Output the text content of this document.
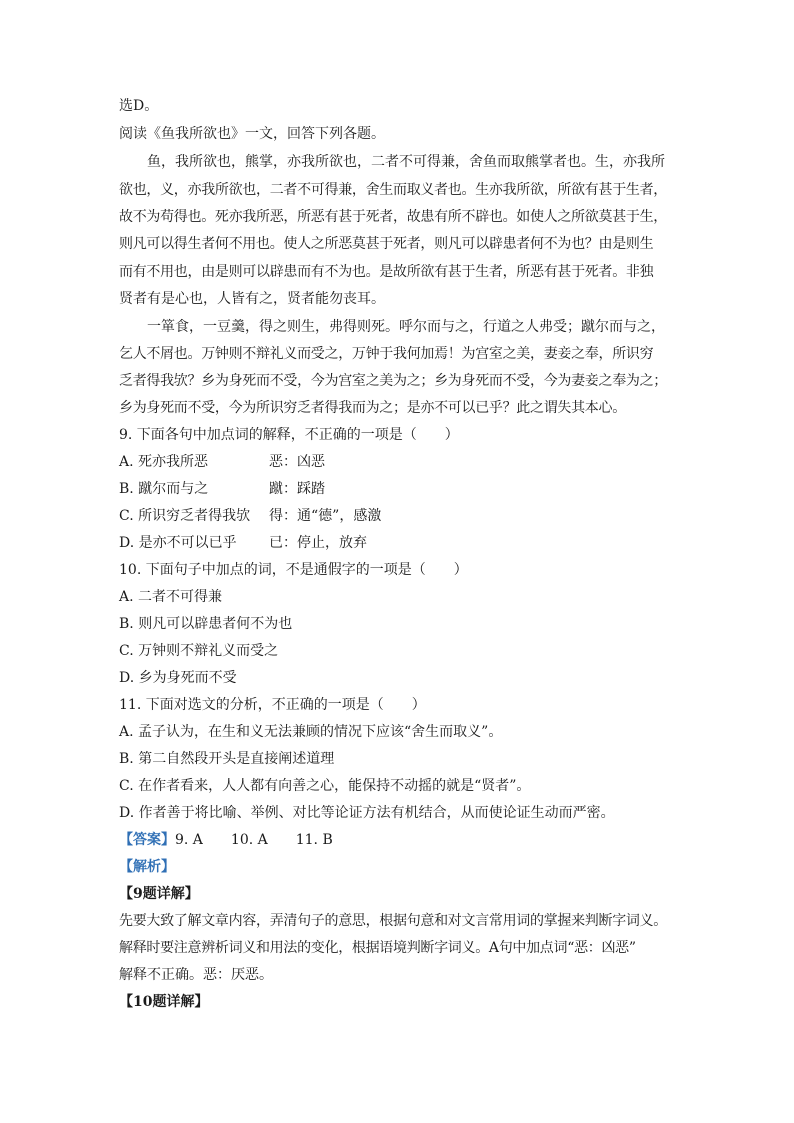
选D。
阅读《鱼我所欲也》一文，回答下列各题。
鱼，我所欲也，熊掌，亦我所欲也，二者不可得兼，舍鱼而取熊掌者也。生，亦我所
欲也，义，亦我所欲也，二者不可得兼，舍生而取义者也。生亦我所欲，所欲有甚于生者，
故不为苟得也。死亦我所恶，所恶有甚于死者，故患有所不辟也。如使人之所欲莫甚于生，
则凡可以得生者何不用也。使人之所恶莫甚于死者，则凡可以辟患者何不为也？由是则生
而有不用也，由是则可以辟患而有不为也。是故所欲有甚于生者，所恶有甚于死者。非独
贤者有是心也，人皆有之，贤者能勿丧耳。
一箪食，一豆羹，得之则生，弗得则死。呼尔而与之，行道之人弗受；蹴尔而与之，
乞人不屑也。万钟则不辩礼义而受之，万钟于我何加焉！为宫室之美，妻妾之奉，所识穷
乏者得我欤？乡为身死而不受，今为宫室之美为之；乡为身死而不受，今为妻妾之奉为之；
乡为身死而不受，今为所识穷乏者得我而为之；是亦不可以已乎？此之谓失其本心。
9. 下面各句中加点词的解释，不正确的一项是（　　）
A. 死亦我所恶	恶：凶恶
B. 蹴尔而与之	蹴：踩踏
C. 所识穷乏者得我欤 得：通“德”，感激
D. 是亦不可以已乎 已：停止，放弃
10. 下面句子中加点的词，不是通假字的一项是（　　）
A. 二者不可得兼
B. 则凡可以辟患者何不为也
C. 万钟则不辩礼义而受之
D. 乡为身死而不受
11. 下面对选文的分析，不正确的一项是（　　）
A. 孟子认为，在生和义无法兼顾的情况下应该“舍生而取义”。
B. 第二自然段开头是直接阐述道理
C. 在作者看来，人人都有向善之心，能保持不动摇的就是“贤者”。
D. 作者善于将比喻、举例、对比等论证方法有机结合，从而使论证生动而严密。
【答案】9. A　　10. A　　11. B
【解析】
【9题详解】
先要大致了解文章内容，弄清句子的意思，根据句意和对文言常用词的掌握来判断字词义。
解释时要注意辨析词义和用法的变化，根据语境判断字词义。A句中加点词“恶：凶恶”
解释不正确。恶：厌恶。
【10题详解】
